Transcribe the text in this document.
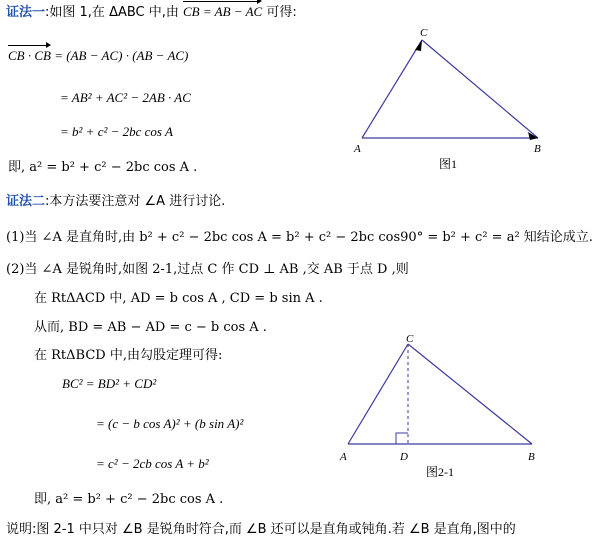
证法一:如图 1,在 ΔABC 中,由 CB = AB − AC 可得:
CB · CB = (AB − AC) · (AB − AC)
= AB² + AC² − 2AB · AC
= b² + c² − 2bc cos A
即, a² = b² + c² − 2bc cos A .
A	B
C
图1
证法二:本方法要注意对 ∠A 进行讨论.
(1)当 ∠A 是直角时,由 b² + c² − 2bc cos A = b² + c² − 2bc cos90° = b² + c² = a² 知结论成立.
(2)当 ∠A 是锐角时,如图 2-1,过点 C 作 CD ⊥ AB ,交 AB 于点 D ,则
在 RtΔACD 中, AD = b cos A , CD = b sin A .
从而, BD = AB − AD = c − b cos A .
在 RtΔBCD 中,由勾股定理可得:
BC² = BD² + CD²
= (c − b cos A)² + (b sin A)²
= c² − 2cb cos A + b²
即, a² = b² + c² − 2bc cos A .
A	B
C
D
图2-1
说明:图 2-1 中只对 ∠B 是锐角时符合,而 ∠B 还可以是直角或钝角.若 ∠B 是直角,图中的
